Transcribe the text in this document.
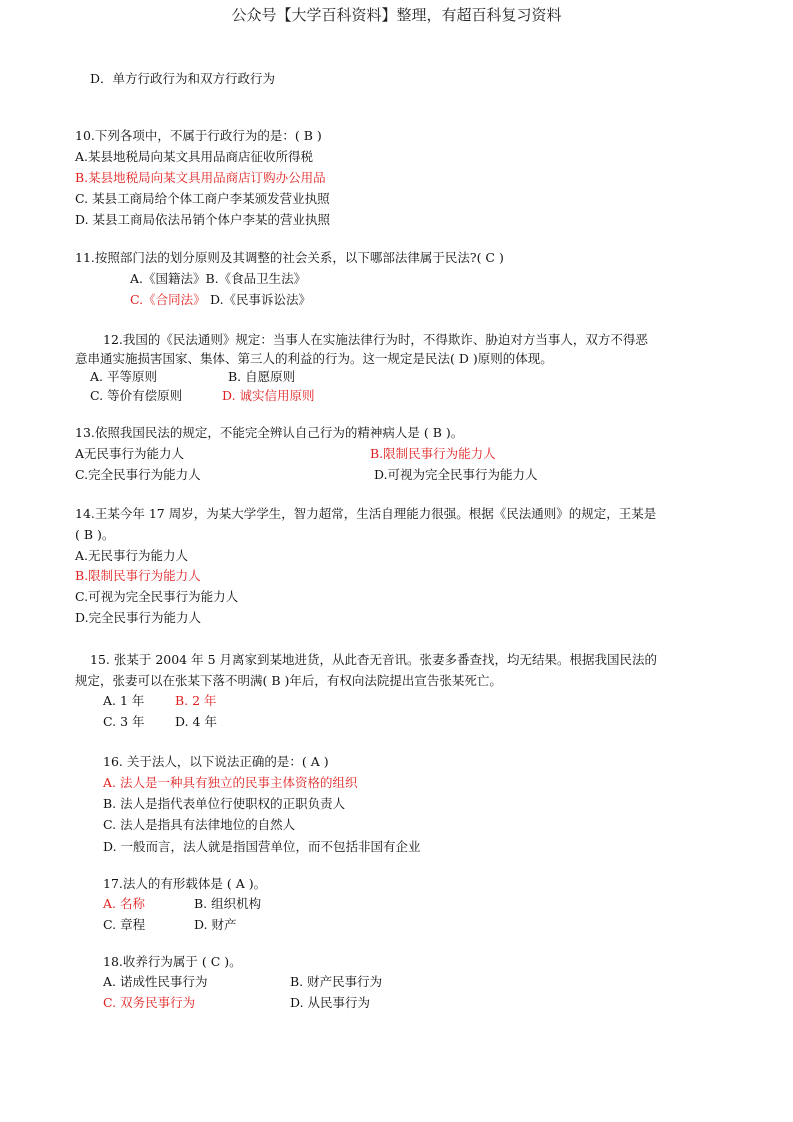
公众号【大学百科资料】整理，有超百科复习资料
D．单方行政行为和双方行政行为
10.下列各项中，不属于行政行为的是：( B )
A.某县地税局向某文具用品商店征收所得税
B.某县地税局向某文具用品商店订购办公用品
C. 某县工商局给个体工商户李某颁发营业执照
D. 某县工商局依法吊销个体户李某的营业执照
11.按照部门法的划分原则及其调整的社会关系，以下哪部法律属于民法?( C )
A.《国籍法》B.《食品卫生法》
C.《合同法》 D.《民事诉讼法》
12.我国的《民法通则》规定：当事人在实施法律行为时，不得欺诈、胁迫对方当事人，双方不得恶
意串通实施损害国家、集体、第三人的利益的行为。这一规定是民法( D )原则的体现。
A. 平等原则	B. 自愿原则
C. 等价有偿原则	D. 诚实信用原则
13.依照我国民法的规定，不能完全辨认自己行为的精神病人是 ( B )。
A无民事行为能力人	B.限制民事行为能力人
C.完全民事行为能力人	D.可视为完全民事行为能力人
14.王某今年 17 周岁，为某大学学生，智力超常，生活自理能力很强。根据《民法通则》的规定，王某是
( B )。
A.无民事行为能力人
B.限制民事行为能力人
C.可视为完全民事行为能力人
D.完全民事行为能力人
15. 张某于 2004 年 5 月离家到某地进货，从此杳无音讯。张妻多番查找，均无结果。根据我国民法的
规定，张妻可以在张某下落不明满( B )年后，有权向法院提出宣告张某死亡。
A. 1 年 B. 2 年
C. 3 年 D. 4 年
16. 关于法人，以下说法正确的是：( A )
A. 法人是一种具有独立的民事主体资格的组织
B. 法人是指代表单位行使职权的正职负责人
C. 法人是指具有法律地位的自然人
D. 一般而言，法人就是指国营单位，而不包括非国有企业
17.法人的有形载体是 ( A )。
A. 名称	B. 组织机构
C. 章程	D. 财产
18.收养行为属于 ( C )。
A. 诺成性民事行为	B. 财产民事行为
C. 双务民事行为	D. 从民事行为
